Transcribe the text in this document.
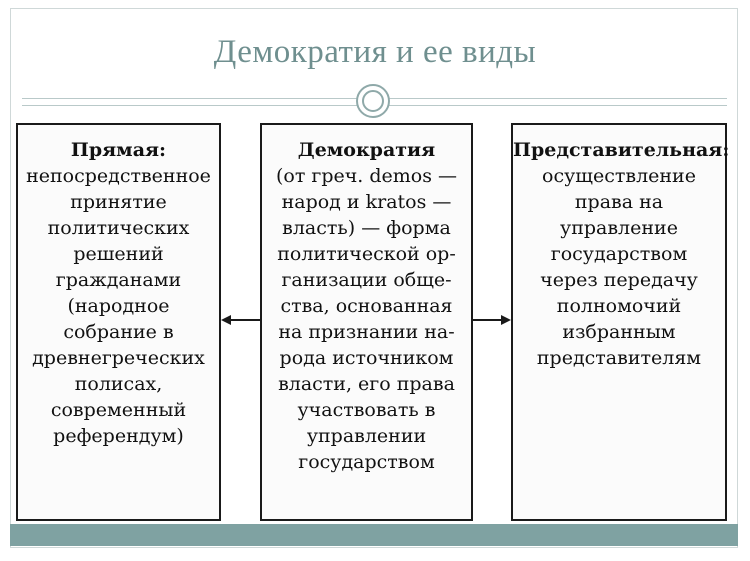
Демократия и ее виды
Прямая:
непосредственное
принятие
политических
решений
гражданами
(народное
собрание в
древнегреческих
полисах,
современный
референдум)
Демократия
(от греч. demos —
народ и kratos —
власть) — форма
политической ор-
ганизации обще-
ства, основанная
на признании на-
рода источником
власти, его права
участвовать в
управлении
государством
Представительная:
осуществление
права на
управление
государством
через передачу
полномочий
избранным
представителям
